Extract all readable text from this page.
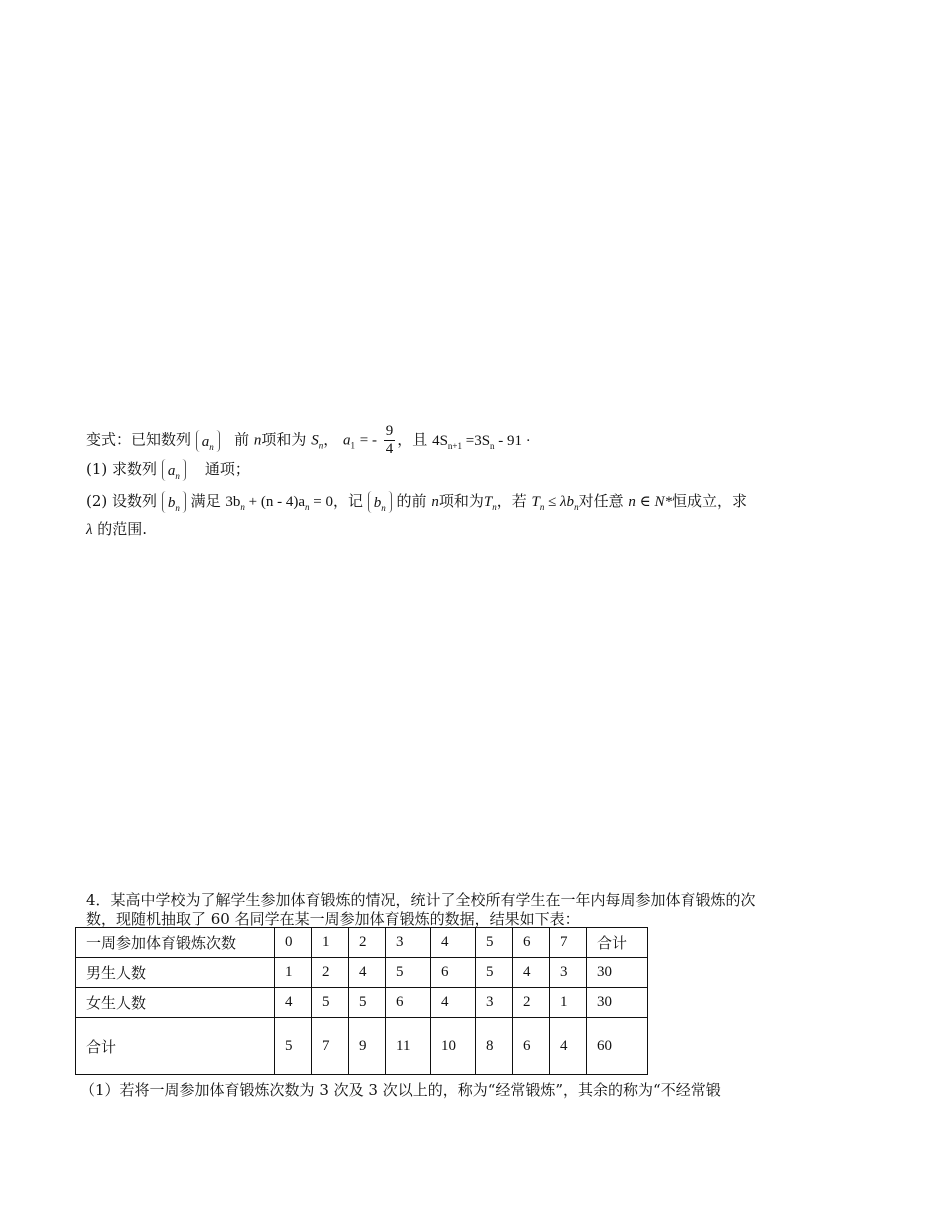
变式：已知数列 $a_n$ 前 n项和为 $S_n$， $a_1$ = - $\frac{9}{4}$ ，且 $4S_{n+1} =3S_n - 91$ ·
(1) 求数列 $a_n$ 通项；
(2) 设数列 $b_n$ 满足 $3b_n + (n - 4)a_n = 0$，记 $b_n$ 的前 n项和为$T_n$，若 $T_n \le \lambda b_n$对任意 n ∈ N*恒成立，求
λ 的范围.
4．某高中学校为了解学生参加体育锻炼的情况，统计了全校所有学生在一年内每周参加体育锻炼的次
数，现随机抽取了 60 名同学在某一周参加体育锻炼的数据，结果如下表：
一周参加体育锻炼次数	0	1	2	3	4	5	6	7	合计
男生人数	1	2	4	5	6	5	4	3	30
女生人数	4	5	5	6	4	3	2	1	30
合计	5	7	9	11	10	8	6	4	60
（1）若将一周参加体育锻炼次数为 3 次及 3 次以上的，称为“经常锻炼”，其余的称为“不经常锻
